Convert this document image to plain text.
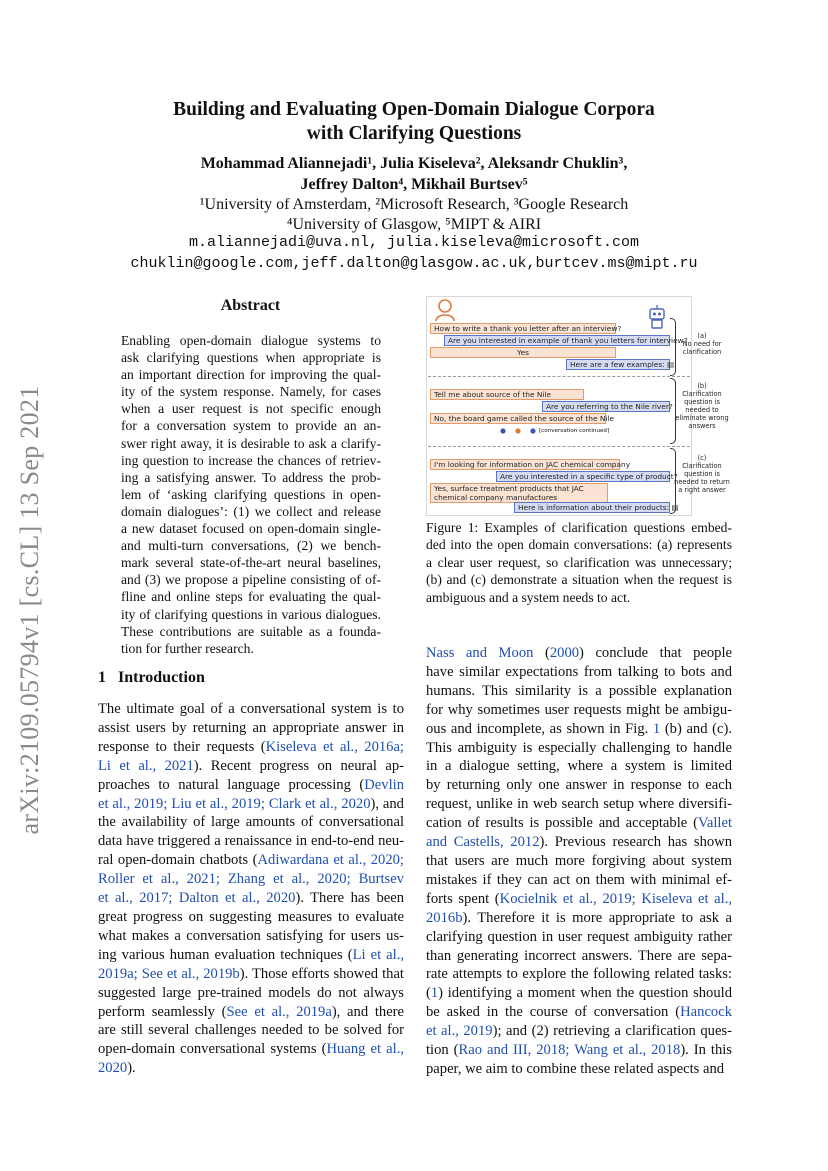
arXiv:2109.05794v1 [cs.CL] 13 Sep 2021
Building and Evaluating Open-Domain Dialogue Corpora
with Clarifying Questions
Mohammad Aliannejadi¹, Julia Kiseleva², Aleksandr Chuklin³,
Jeffrey Dalton⁴, Mikhail Burtsev⁵
¹University of Amsterdam, ²Microsoft Research, ³Google Research
⁴University of Glasgow, ⁵MIPT & AIRI
m.aliannejadi@uva.nl, julia.kiseleva@microsoft.com
chuklin@google.com,jeff.dalton@glasgow.ac.uk,burtcev.ms@mipt.ru
Abstract
Enabling open-domain dialogue systems to
ask clarifying questions when appropriate is
an important direction for improving the qual-
ity of the system response. Namely, for cases
when a user request is not specific enough
for a conversation system to provide an an-
swer right away, it is desirable to ask a clarify-
ing question to increase the chances of retriev-
ing a satisfying answer. To address the prob-
lem of ‘asking clarifying questions in open-
domain dialogues’: (1) we collect and release
a new dataset focused on open-domain single-
and multi-turn conversations, (2) we bench-
mark several state-of-the-art neural baselines,
and (3) we propose a pipeline consisting of of-
fline and online steps for evaluating the qual-
ity of clarifying questions in various dialogues.
These contributions are suitable as a founda-
tion for further research.
1 Introduction
The ultimate goal of a conversational system is to
assist users by returning an appropriate answer in
response to their requests (Kiseleva et al., 2016a;
Li et al., 2021). Recent progress on neural ap-
proaches to natural language processing (Devlin
et al., 2019; Liu et al., 2019; Clark et al., 2020), and
the availability of large amounts of conversational
data have triggered a renaissance in end-to-end neu-
ral open-domain chatbots (Adiwardana et al., 2020;
Roller et al., 2021; Zhang et al., 2020; Burtsev
et al., 2017; Dalton et al., 2020). There has been
great progress on suggesting measures to evaluate
what makes a conversation satisfying for users us-
ing various human evaluation techniques (Li et al.,
2019a; See et al., 2019b). Those efforts showed that
suggested large pre-trained models do not always
perform seamlessly (See et al., 2019a), and there
are still several challenges needed to be solved for
open-domain conversational systems (Huang et al.,
2020).
Nass and Moon (2000) conclude that people
have similar expectations from talking to bots and
humans. This similarity is a possible explanation
for why sometimes user requests might be ambigu-
ous and incomplete, as shown in Fig. 1 (b) and (c).
This ambiguity is especially challenging to handle
in a dialogue setting, where a system is limited
by returning only one answer in response to each
request, unlike in web search setup where diversifi-
cation of results is possible and acceptable (Vallet
and Castells, 2012). Previous research has shown
that users are much more forgiving about system
mistakes if they can act on them with minimal ef-
forts spent (Kocielnik et al., 2019; Kiseleva et al.,
2016b). Therefore it is more appropriate to ask a
clarifying question in user request ambiguity rather
than generating incorrect answers. There are sepa-
rate attempts to explore the following related tasks:
(1) identifying a moment when the question should
be asked in the course of conversation (Hancock
et al., 2019); and (2) retrieving a clarification ques-
tion (Rao and III, 2018; Wang et al., 2018). In this
paper, we aim to combine these related aspects and
How to write a thank you letter after an interview?
Are you interested in example of thank you letters for interview?
Yes
Here are a few examples: ▤
Tell me about source of the Nile
Are you referring to the Nile river?
No, the board game called the source of the Nile
[conversation continued]
I'm looking for information on JAC chemical company
Are you interested in a specific type of product?
Yes, surface treatment products that JAC chemical company manufactures
Here is information about their products: ▤
(a)
No need for clarification
(b)
Clarification question is needed to eliminate wrong answers
(c)
Clarification question is needed to return a right answer
Figure 1: Examples of clarification questions embed-
ded into the open domain conversations: (a) represents
a clear user request, so clarification was unnecessary;
(b) and (c) demonstrate a situation when the request is
ambiguous and a system needs to act.
